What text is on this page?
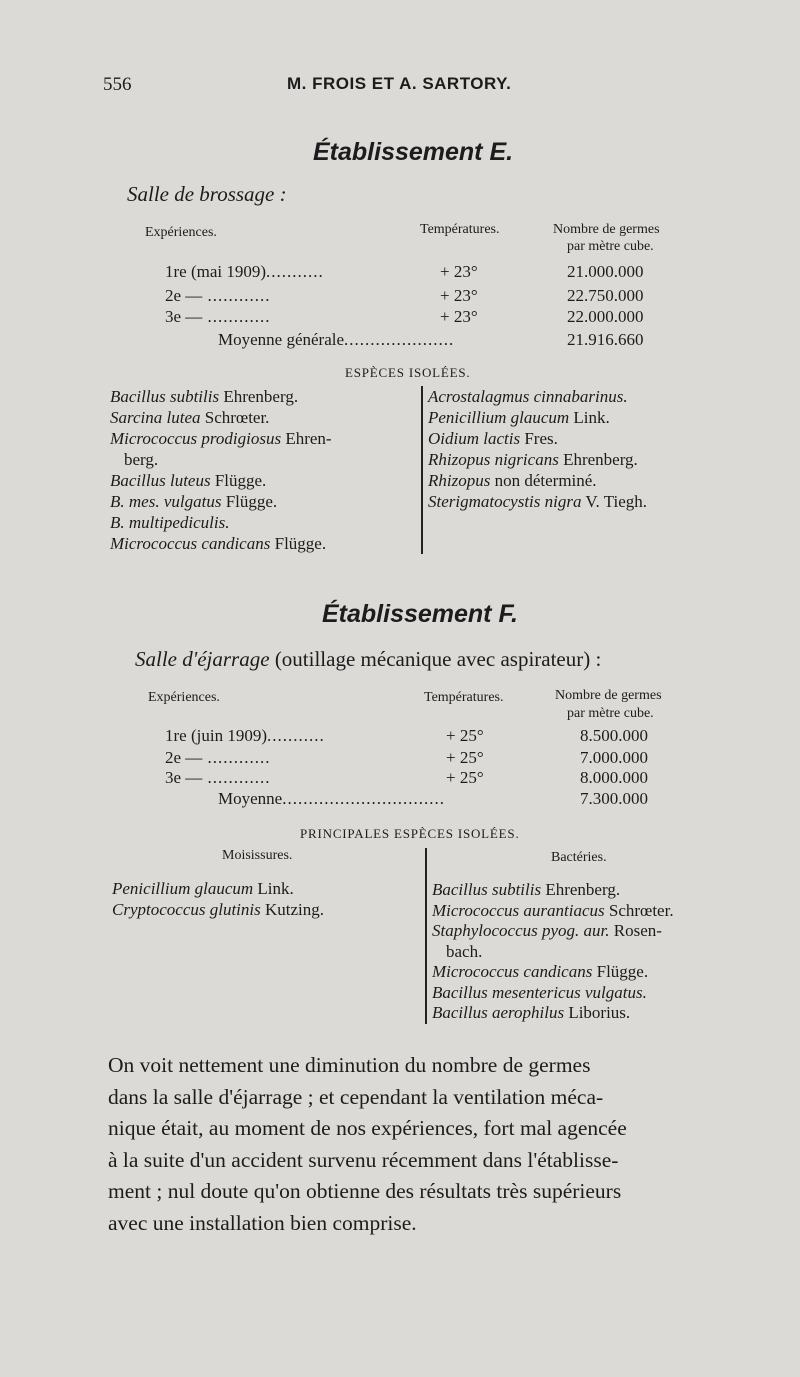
556	M. FROIS ET A. SARTORY.
Établissement E.
Salle de brossage :
Expériences.	Températures.	Nombre de germes
par mètre cube.
1re (mai 1909)...........	+ 23°	21.000.000
2e — ............	+ 23°	22.750.000
3e — ............	+ 23°	22.000.000
Moyenne générale.....................	21.916.660
ESPÈCES ISOLÉES.
Bacillus subtilis Ehrenberg.
Sarcina lutea Schrœter.
Micrococcus prodigiosus Ehren-
berg.
Bacillus luteus Flügge.
B. mes. vulgatus Flügge.
B. multipediculis.
Micrococcus candicans Flügge.
Acrostalagmus cinnabarinus.
Penicillium glaucum Link.
Oidium lactis Fres.
Rhizopus nigricans Ehrenberg.
Rhizopus non déterminé.
Sterigmatocystis nigra V. Tiegh.
Établissement F.
Salle d'éjarrage (outillage mécanique avec aspirateur) :
Expériences.	Températures.	Nombre de germes
par mètre cube.
1re (juin 1909)...........	+ 25°	8.500.000
2e — ............	+ 25°	7.000.000
3e — ............	+ 25°	8.000.000
Moyenne...............................	7.300.000
PRINCIPALES ESPÈCES ISOLÉES.
Moisissures.	Bactéries.
Penicillium glaucum Link.
Cryptococcus glutinis Kutzing.
Bacillus subtilis Ehrenberg.
Micrococcus aurantiacus Schrœter.
Staphylococcus pyog. aur. Rosen-
bach.
Micrococcus candicans Flügge.
Bacillus mesentericus vulgatus.
Bacillus aerophilus Liborius.
On voit nettement une diminution du nombre de germes
dans la salle d'éjarrage ; et cependant la ventilation méca-
nique était, au moment de nos expériences, fort mal agencée
à la suite d'un accident survenu récemment dans l'établisse-
ment ; nul doute qu'on obtienne des résultats très supérieurs
avec une installation bien comprise.
